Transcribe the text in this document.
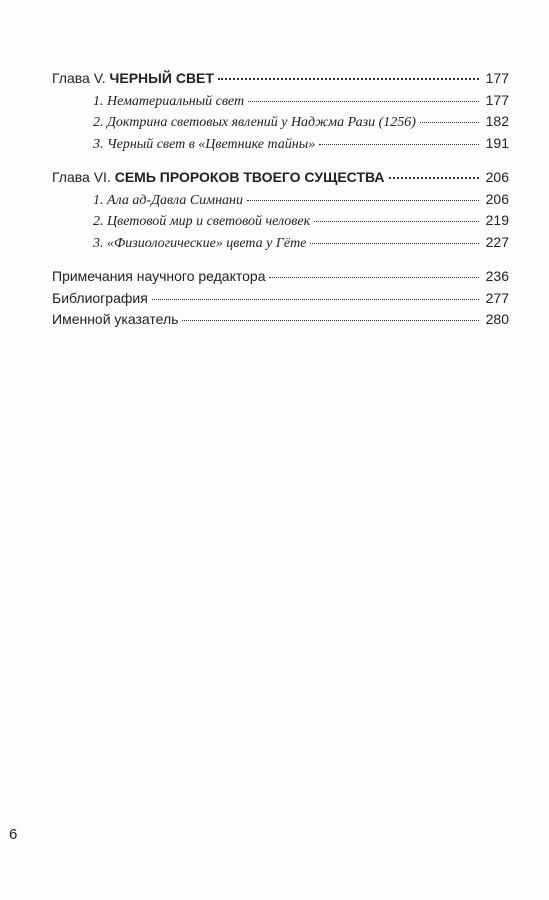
Глава V. ЧЕРНЫЙ СВЕТ	177
1. Нематериальный свет	177
2. Доктрина световых явлений у Наджма Рази (1256)	182
3. Черный свет в «Цветнике тайны»	191
Глава VI. СЕМЬ ПРОРОКОВ ТВОЕГО СУЩЕСТВА	206
1. Ала ад-Давла Симнани	206
2. Цветовой мир и световой человек	219
3. «Физиологические» цвета у Гёте	227
Примечания научного редактора	236
Библиография	277
Именной указатель	280
6
